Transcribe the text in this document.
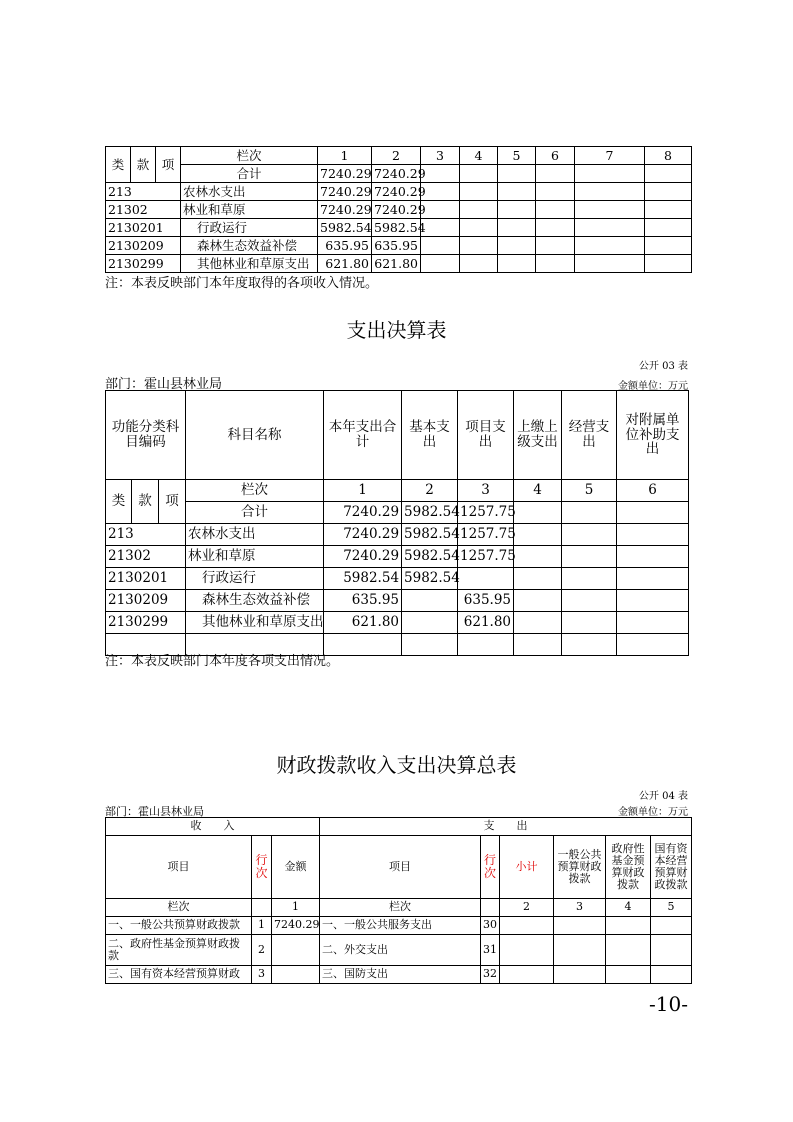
类	款	项	栏次	1	2	3	4	5	6	7	8
			合计	7240.29	7240.29						
213			农林水支出	7240.29	7240.29						
21302			林业和草原	7240.29	7240.29						
2130201			行政运行	5982.54	5982.54						
2130209			森林生态效益补偿	635.95	635.95						
2130299			其他林业和草原支出	621.80	621.80						
注：本表反映部门本年度取得的各项收入情况。
支出决算表
公开 03 表
部门：霍山县林业局	金额单位：万元
功能分类科目编码			科目名称	本年支出合计	基本支出	项目支出	上缴上级支出	经营支出	对附属单位补助支出
类	款	项	栏次	1	2	3	4	5	6
			合计	7240.29	5982.54	1257.75			
213			农林水支出	7240.29	5982.54	1257.75			
21302			林业和草原	7240.29	5982.54	1257.75			
2130201			行政运行	5982.54	5982.54				
2130209			森林生态效益补偿	635.95		635.95			
2130299			其他林业和草原支出	621.80		621.80			

注：本表反映部门本年度各项支出情况。
财政拨款收入支出决算总表
公开 04 表
部门：霍山县林业局	金额单位：万元
收　　入			支　　出					
项目	行次	金额	项目	行次	小计	一般公共预算财政拨款	政府性基金预算财政拨款	国有资本经营预算财政拨款
栏次		1	栏次		2	3	4	5
一、一般公共预算财政拨款	1	7240.29	一、一般公共服务支出	30				
二、政府性基金预算财政拨款	2		二、外交支出	31				
三、国有资本经营预算财政	3		三、国防支出	32				
-10-
